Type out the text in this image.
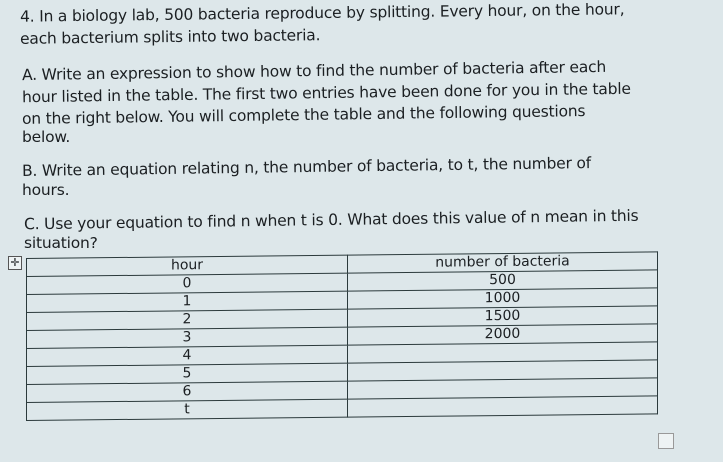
4. In a biology lab, 500 bacteria reproduce by splitting. Every hour, on the hour,
each bacterium splits into two bacteria.
A. Write an expression to show how to find the number of bacteria after each
hour listed in the table. The first two entries have been done for you in the table
on the right below. You will complete the table and the following questions
below.
B. Write an equation relating n, the number of bacteria, to t, the number of
hours.
C. Use your equation to find n when t is 0. What does this value of n mean in this
situation?
✛	hour	number of bacteria
0	500
1	1000
2	1500
3	2000
4	
5	
6	
t	
